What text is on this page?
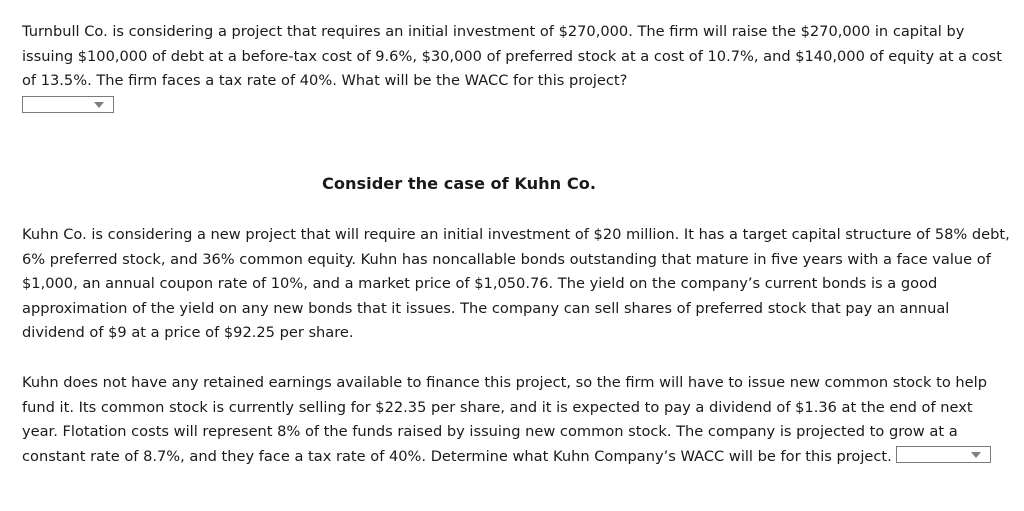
Turnbull Co. is considering a project that requires an initial investment of $270,000. The firm will raise the $270,000 in capital by issuing $100,000 of debt at a before-tax cost of 9.6%, $30,000 of preferred stock at a cost of 10.7%, and $140,000 of equity at a cost of 13.5%. The firm faces a tax rate of 40%. What will be the WACC for this project?

Consider the case of Kuhn Co.

Kuhn Co. is considering a new project that will require an initial investment of $20 million. It has a target capital structure of 58% debt, 6% preferred stock, and 36% common equity. Kuhn has noncallable bonds outstanding that mature in five years with a face value of $1,000, an annual coupon rate of 10%, and a market price of $1,050.76. The yield on the company’s current bonds is a good approximation of the yield on any new bonds that it issues. The company can sell shares of preferred stock that pay an annual dividend of $9 at a price of $92.25 per share.

Kuhn does not have any retained earnings available to finance this project, so the firm will have to issue new common stock to help fund it. Its common stock is currently selling for $22.35 per share, and it is expected to pay a dividend of $1.36 at the end of next year. Flotation costs will represent 8% of the funds raised by issuing new common stock. The company is projected to grow at a constant rate of 8.7%, and they face a tax rate of 40%. Determine what Kuhn Company’s WACC will be for this project.
